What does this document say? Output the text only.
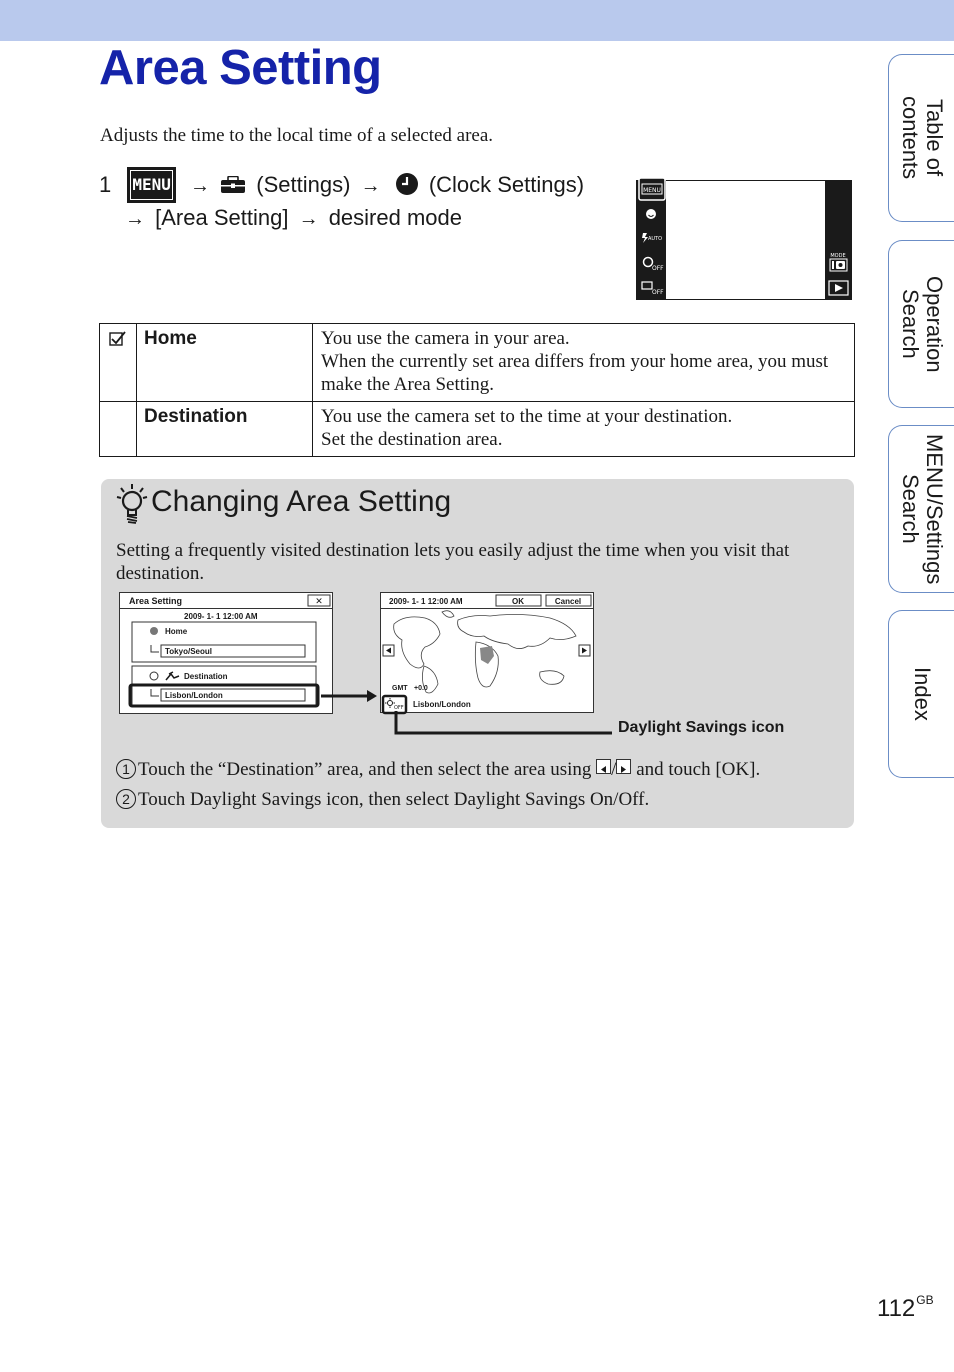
Area Setting
Adjusts the time to the local time of a selected area.
1 MENU → (Settings) → (Clock Settings)
→ [Area Setting] → desired mode
MENU
AUTO
OFF
OFF
MODE
	Home	You use the camera in your area.
When the currently set area differs from your home area, you must make the Area Setting.

	Destination	You use the camera set to the time at your destination.
Set the destination area.
Changing Area Setting
Setting a frequently visited destination lets you easily adjust the time when you visit that destination.
Area Setting	✕
2009- 1- 1 12:00 AM
Home
Tokyo/Seoul
Destination
Lisbon/London
2009- 1- 1 12:00 AM	OK	Cancel
GMT +0.0
OFF Lisbon/London
Daylight Savings icon
1 Touch the “Destination” area, and then select the area using / and touch [OK].
2 Touch Daylight Savings icon, then select Daylight Savings On/Off.
Table of
contents
Operation
Search
MENU/Settings
Search
Index
$112^{GB}$
